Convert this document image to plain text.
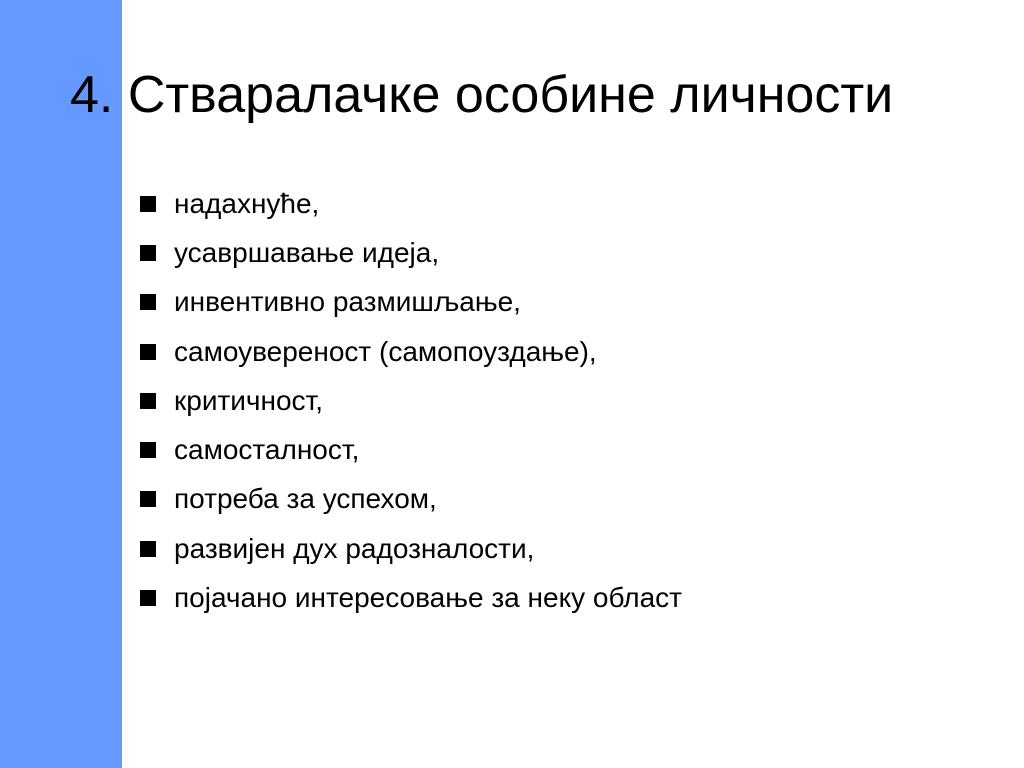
4. Стваралачке особине личности
надахнуће,
усавршавање идеја,
инвентивно размишљање,
самоувереност (самопоуздање),
критичност,
самосталност,
потреба за успехом,
развијен дух радозналости,
појачано интересовање за неку област
